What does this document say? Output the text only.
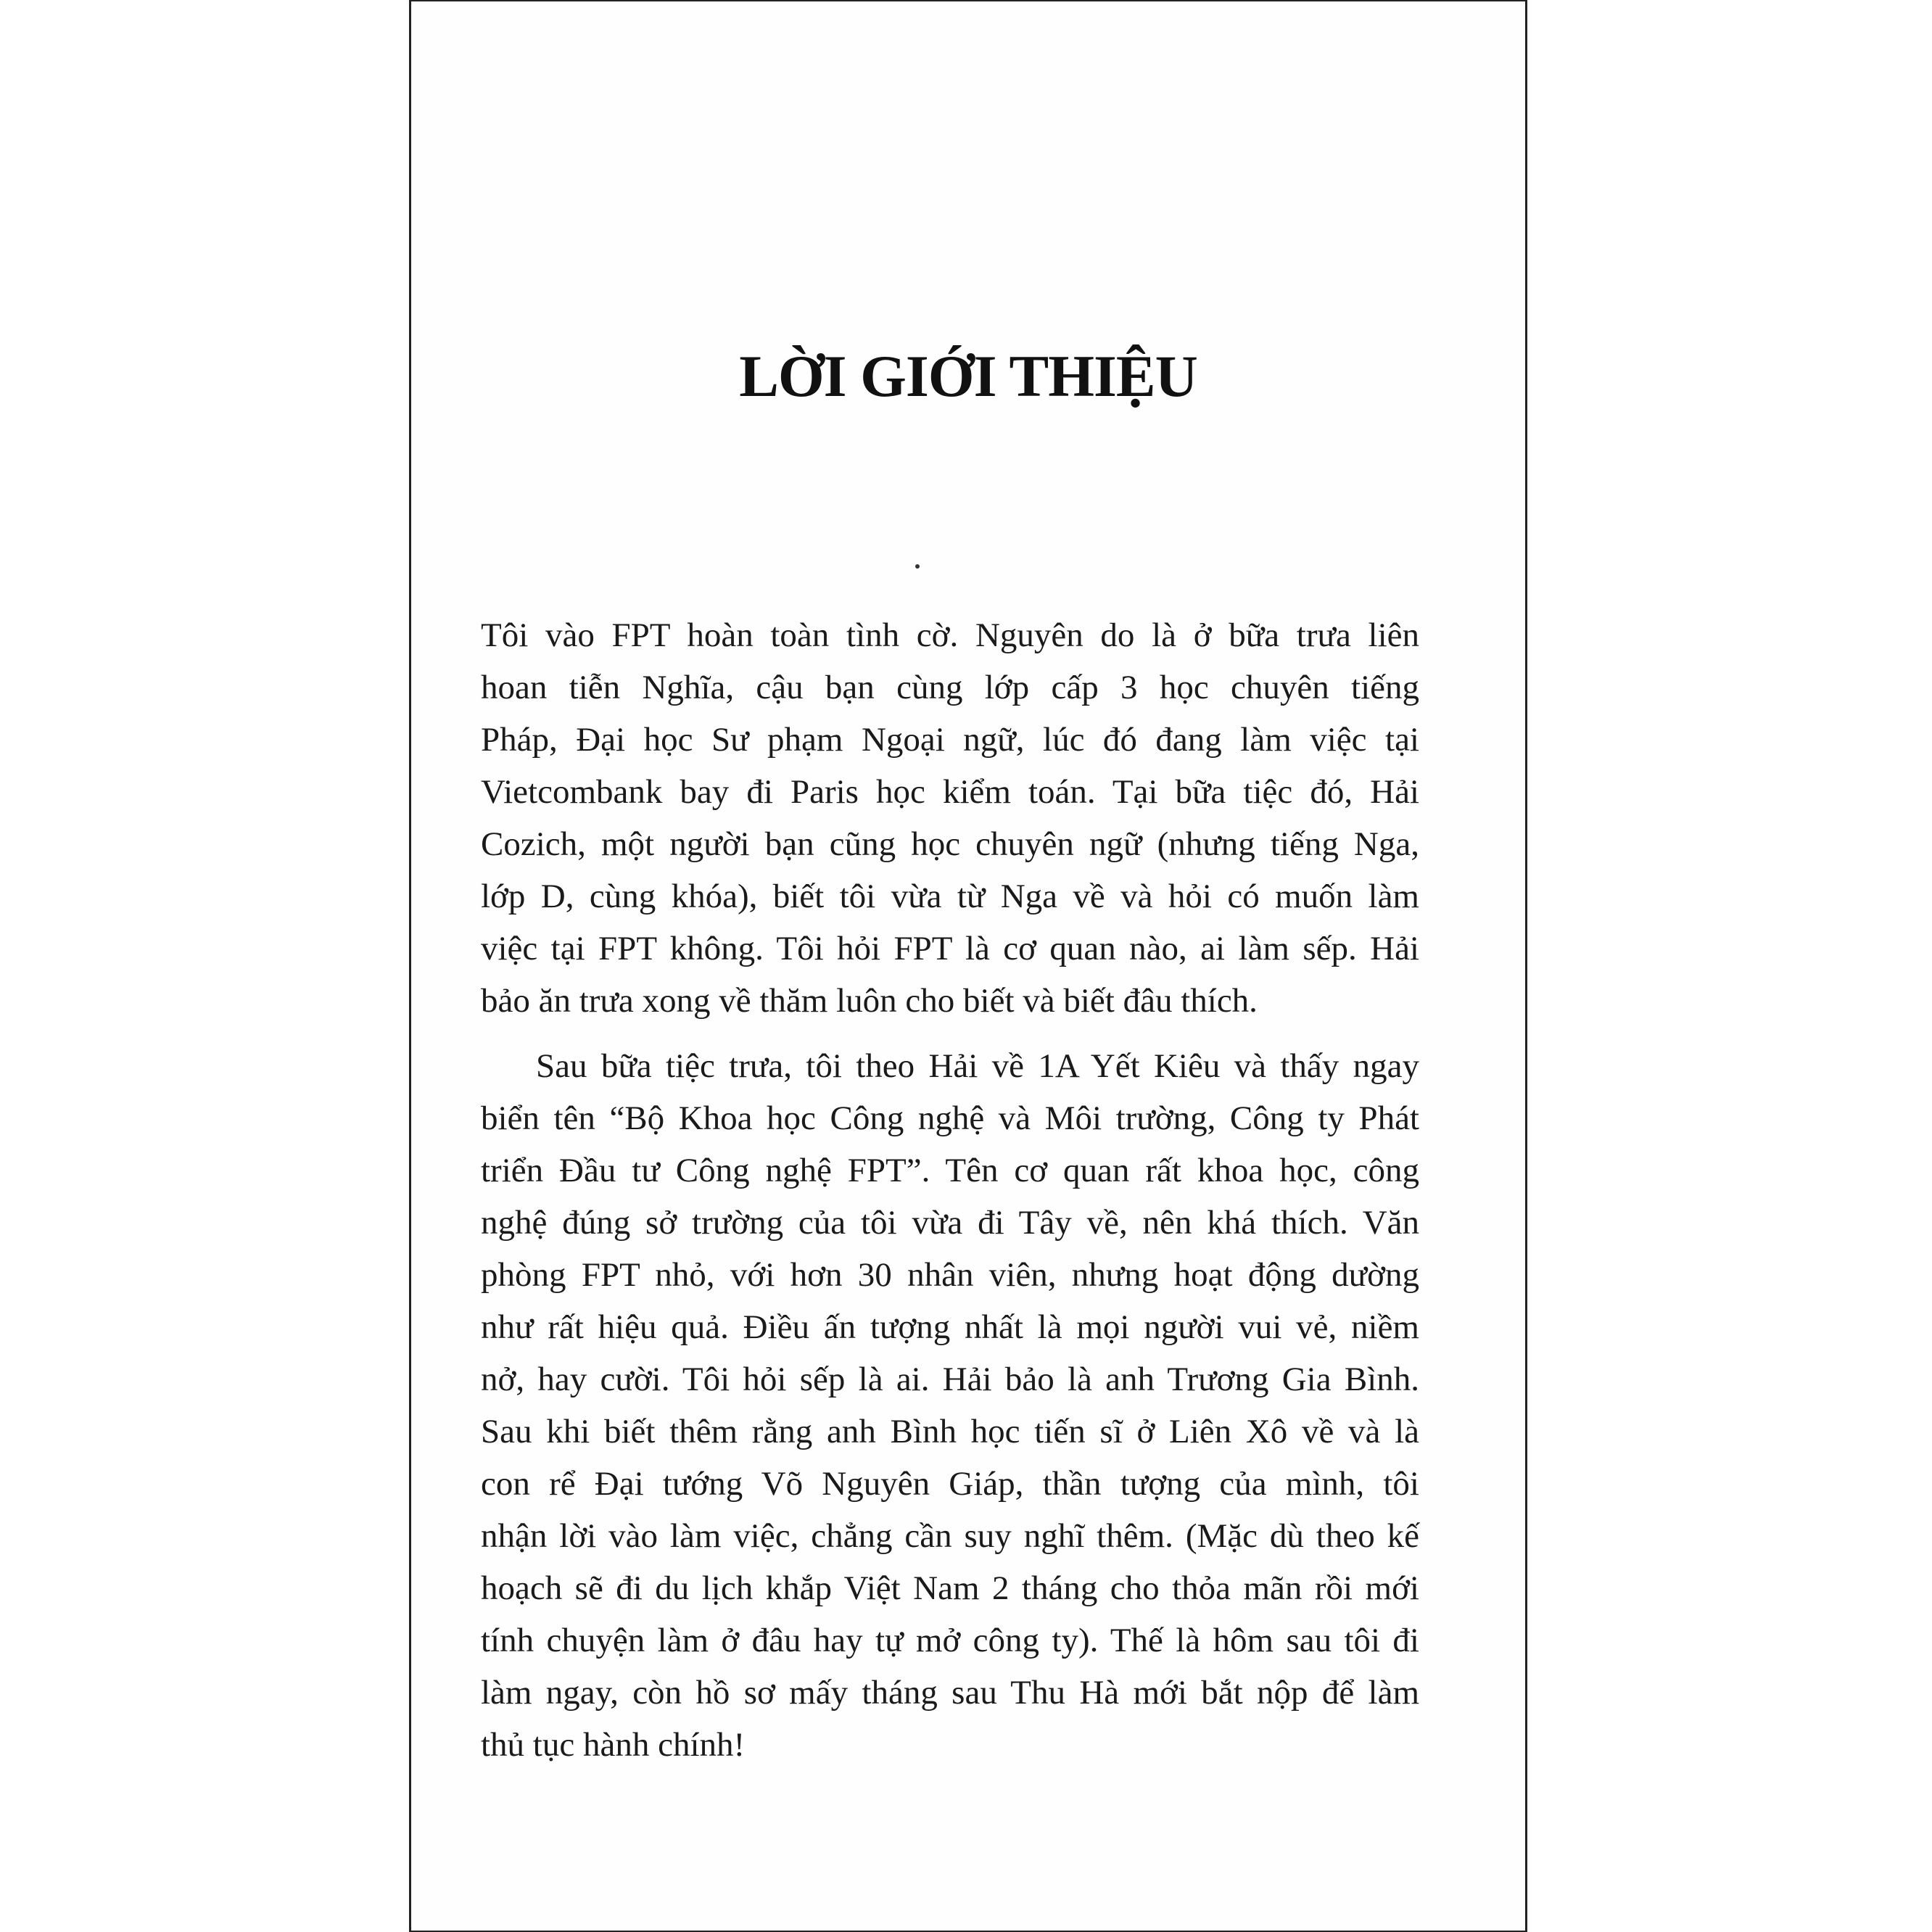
LỜI GIỚI THIỆU
Tôi vào FPT hoàn toàn tình cờ. Nguyên do là ở bữa trưa liên
hoan tiễn Nghĩa, cậu bạn cùng lớp cấp 3 học chuyên tiếng
Pháp, Đại học Sư phạm Ngoại ngữ, lúc đó đang làm việc tại
Vietcombank bay đi Paris học kiểm toán. Tại bữa tiệc đó, Hải
Cozich, một người bạn cũng học chuyên ngữ (nhưng tiếng Nga,
lớp D, cùng khóa), biết tôi vừa từ Nga về và hỏi có muốn làm
việc tại FPT không. Tôi hỏi FPT là cơ quan nào, ai làm sếp. Hải
bảo ăn trưa xong về thăm luôn cho biết và biết đâu thích.
Sau bữa tiệc trưa, tôi theo Hải về 1A Yết Kiêu và thấy ngay
biển tên “Bộ Khoa học Công nghệ và Môi trường, Công ty Phát
triển Đầu tư Công nghệ FPT”. Tên cơ quan rất khoa học, công
nghệ đúng sở trường của tôi vừa đi Tây về, nên khá thích. Văn
phòng FPT nhỏ, với hơn 30 nhân viên, nhưng hoạt động dường
như rất hiệu quả. Điều ấn tượng nhất là mọi người vui vẻ, niềm
nở, hay cười. Tôi hỏi sếp là ai. Hải bảo là anh Trương Gia Bình.
Sau khi biết thêm rằng anh Bình học tiến sĩ ở Liên Xô về và là
con rể Đại tướng Võ Nguyên Giáp, thần tượng của mình, tôi
nhận lời vào làm việc, chẳng cần suy nghĩ thêm. (Mặc dù theo kế
hoạch sẽ đi du lịch khắp Việt Nam 2 tháng cho thỏa mãn rồi mới
tính chuyện làm ở đâu hay tự mở công ty). Thế là hôm sau tôi đi
làm ngay, còn hồ sơ mấy tháng sau Thu Hà mới bắt nộp để làm
thủ tục hành chính!
